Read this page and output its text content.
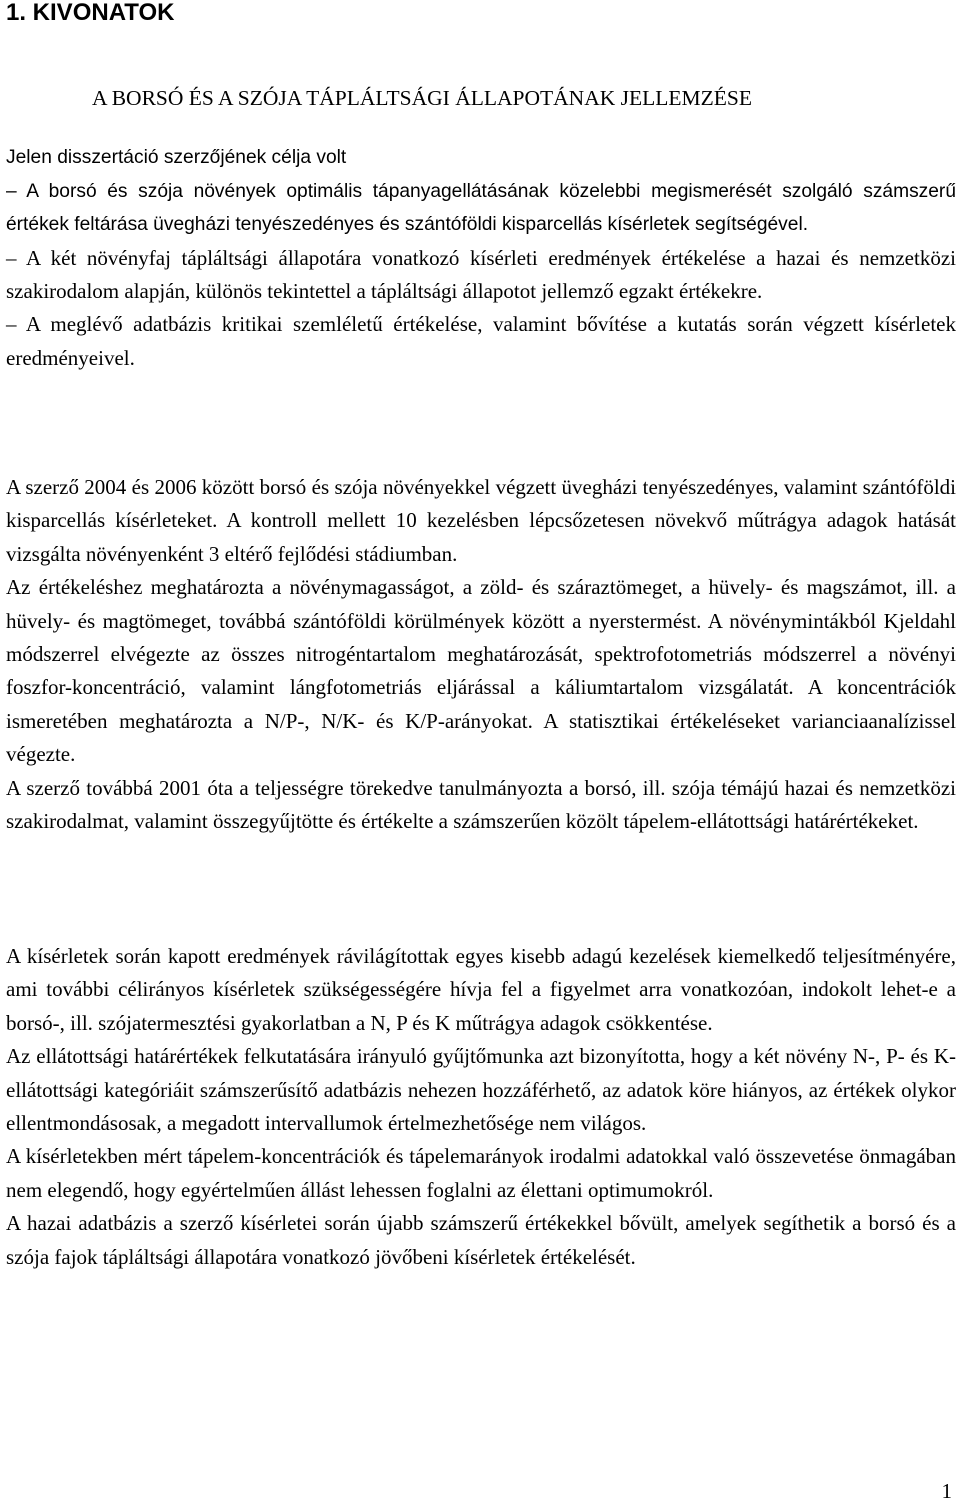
1. KIVONATOK

A BORSÓ ÉS A SZÓJA TÁPLÁLTSÁGI ÁLLAPOTÁNAK JELLEMZÉSE

Jelen disszertáció szerzőjének célja volt

– A borsó és szója növények optimális tápanyagellátásának közelebbi megismerését szolgáló számszerű értékek feltárása üvegházi tenyészedényes és szántóföldi kisparcellás kísérletek segítségével.

– A két növényfaj tápláltsági állapotára vonatkozó kísérleti eredmények értékelése a hazai és nemzetközi szakirodalom alapján, különös tekintettel a tápláltsági állapotot jellemző egzakt értékekre.

– A meglévő adatbázis kritikai szemléletű értékelése, valamint bővítése a kutatás során végzett kísérletek eredményeivel.

A szerző 2004 és 2006 között borsó és szója növényekkel végzett üvegházi tenyészedényes, valamint szántóföldi kisparcellás kísérleteket. A kontroll mellett 10 kezelésben lépcsőzetesen növekvő műtrágya adagok hatását vizsgálta növényenként 3 eltérő fejlődési stádiumban.

Az értékeléshez meghatározta a növénymagasságot, a zöld- és száraztömeget, a hüvely- és magszámot, ill. a hüvely- és magtömeget, továbbá szántóföldi körülmények között a nyerstermést. A növénymintákból Kjeldahl módszerrel elvégezte az összes nitrogéntartalom meghatározását, spektrofotometriás módszerrel a növényi foszfor-koncentráció, valamint lángfotometriás eljárással a káliumtartalom vizsgálatát. A koncentrációk ismeretében meghatározta a N/P-, N/K- és K/P-arányokat. A statisztikai értékeléseket varianciaanalízissel végezte.

A szerző továbbá 2001 óta a teljességre törekedve tanulmányozta a borsó, ill. szója témájú hazai és nemzetközi szakirodalmat, valamint összegyűjtötte és értékelte a számszerűen közölt tápelem-ellátottsági határértékeket.

A kísérletek során kapott eredmények rávilágítottak egyes kisebb adagú kezelések kiemelkedő teljesítményére, ami további célirányos kísérletek szükségességére hívja fel a figyelmet arra vonatkozóan, indokolt lehet-e a borsó-, ill. szójatermesztési gyakorlatban a N, P és K műtrágya adagok csökkentése.

Az ellátottsági határértékek felkutatására irányuló gyűjtőmunka azt bizonyította, hogy a két növény N-, P- és K-ellátottsági kategóriáit számszerűsítő adatbázis nehezen hozzáférhető, az adatok köre hiányos, az értékek olykor ellentmondásosak, a megadott intervallumok értelmezhetősége nem világos.

A kísérletekben mért tápelem-koncentrációk és tápelemarányok irodalmi adatokkal való összevetése önmagában nem elegendő, hogy egyértelműen állást lehessen foglalni az élettani optimumokról.

A hazai adatbázis a szerző kísérletei során újabb számszerű értékekkel bővült, amelyek segíthetik a borsó és a szója fajok tápláltsági állapotára vonatkozó jövőbeni kísérletek értékelését.

1
